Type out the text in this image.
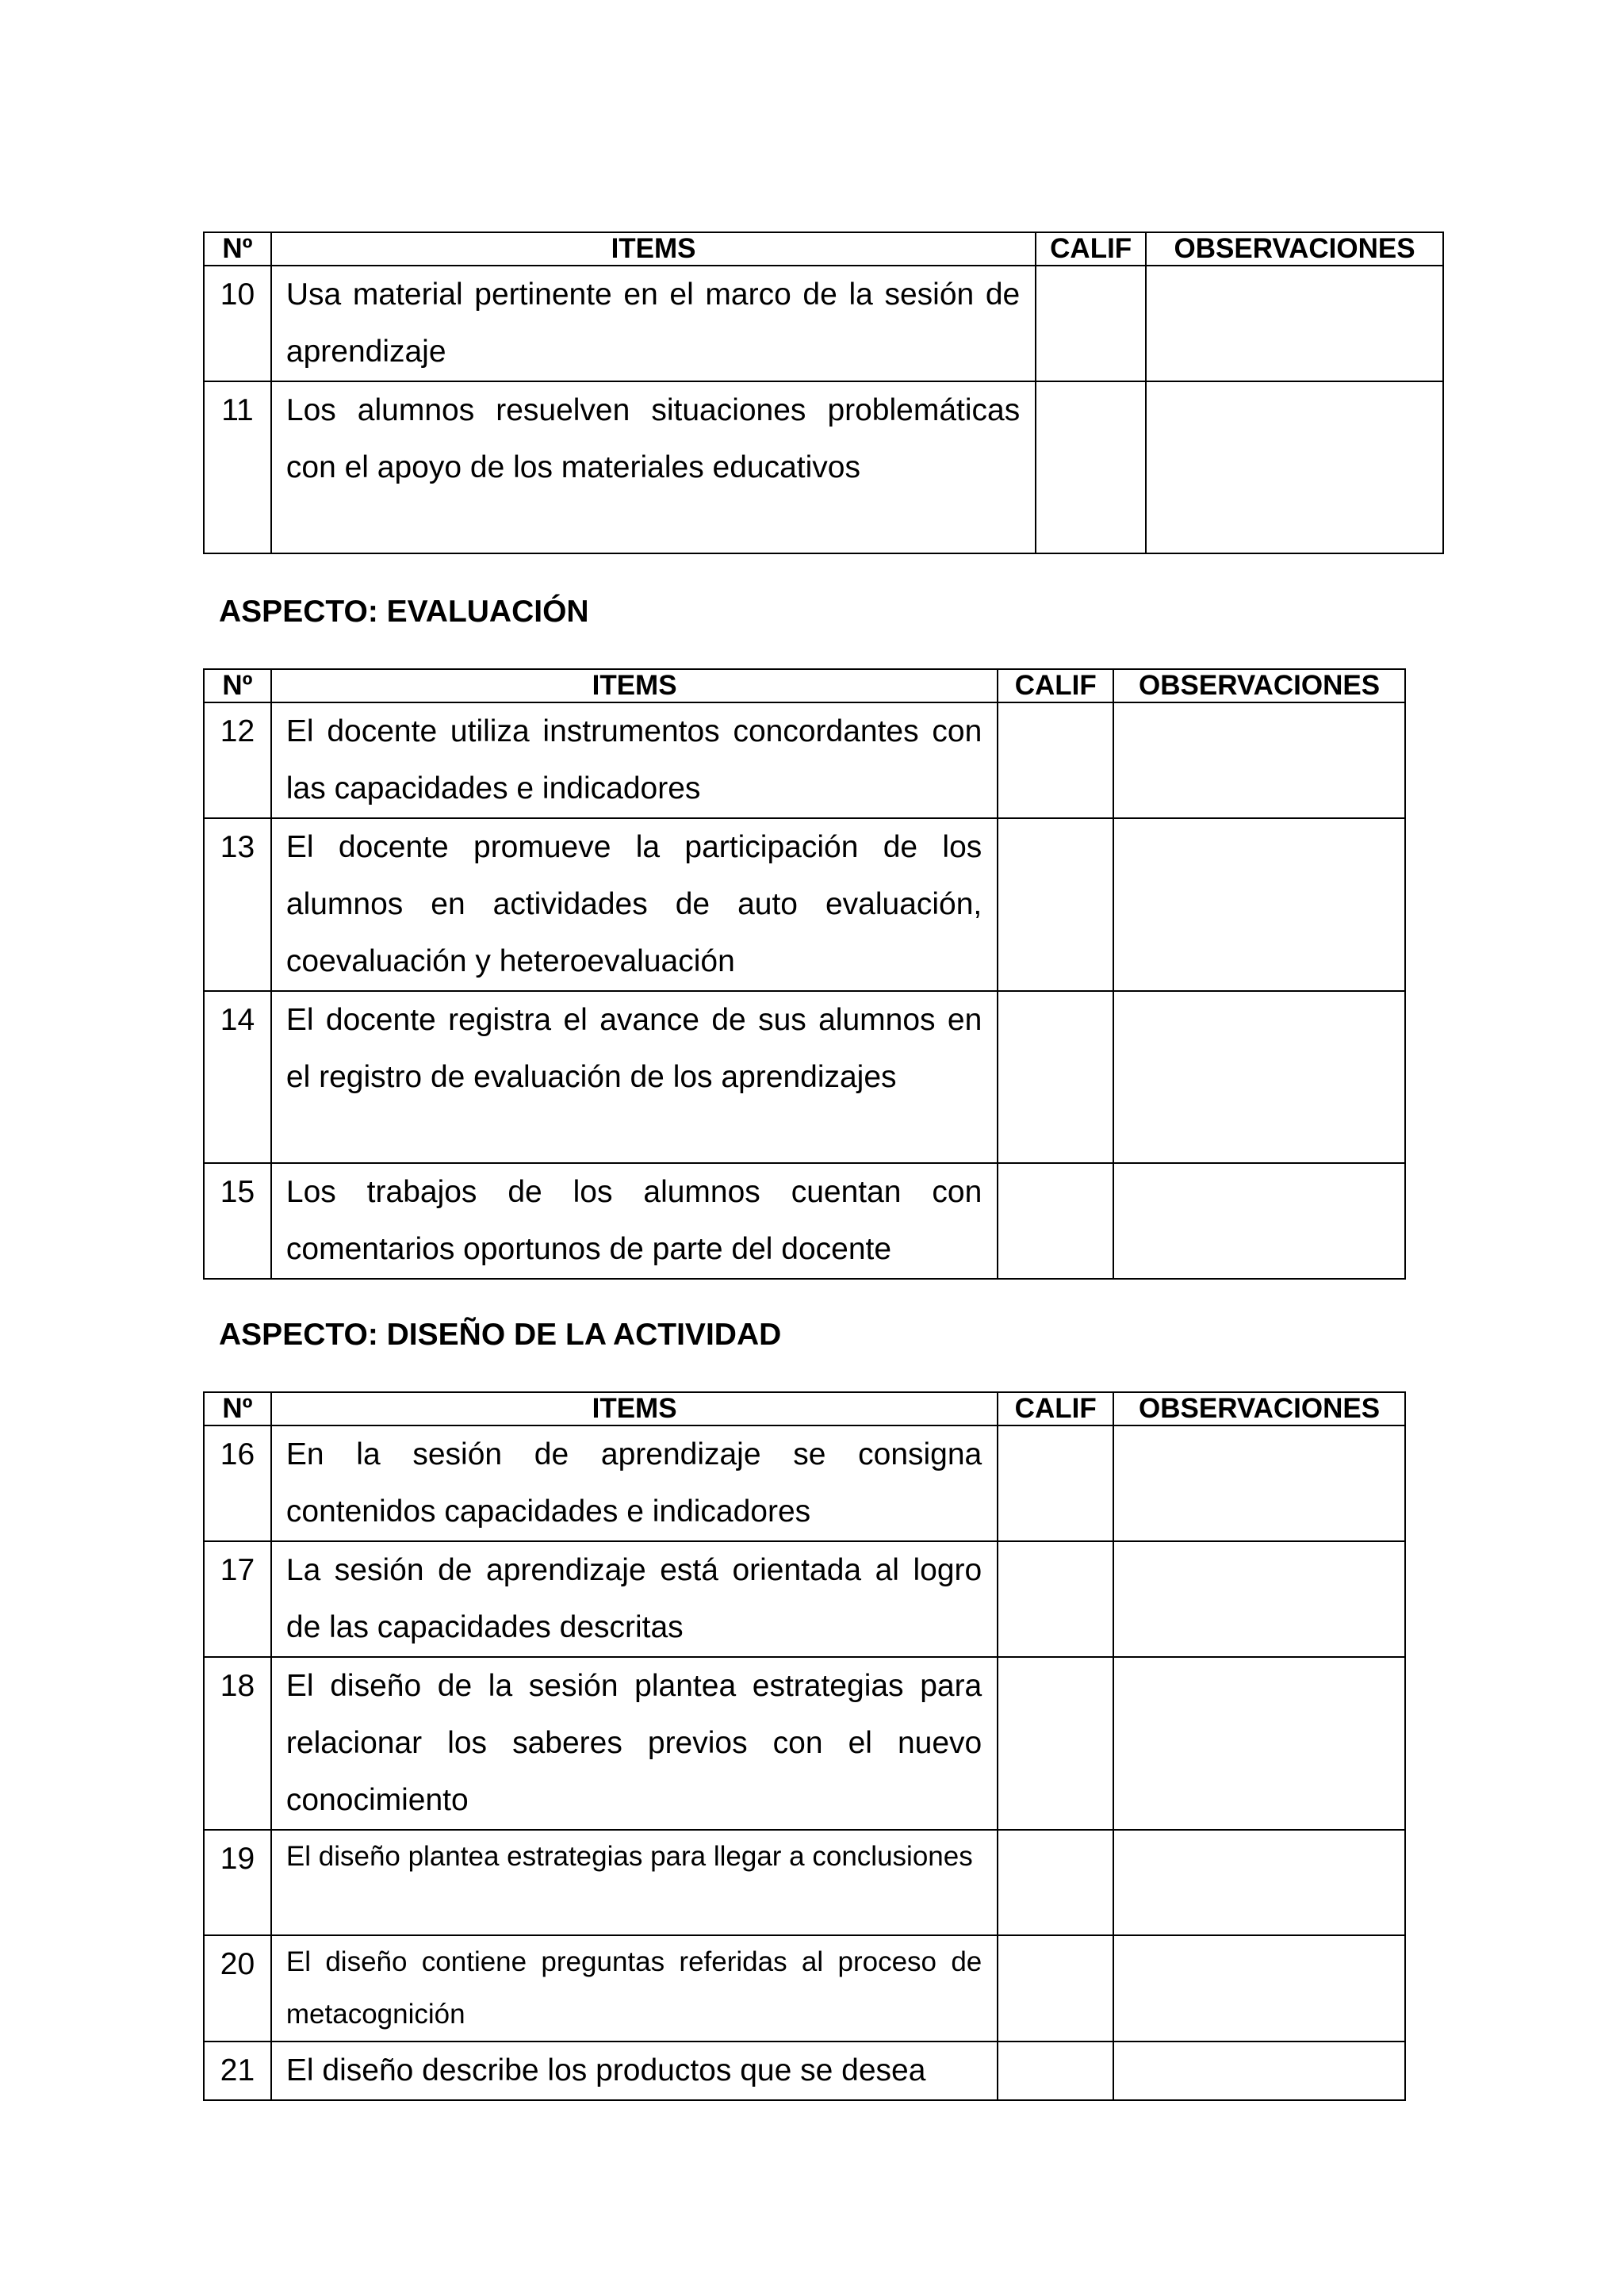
Nº	ITEMS	CALIF	OBSERVACIONES
10	Usa material pertinente en el marco de la sesión de aprendizaje		
11	Los alumnos resuelven situaciones problemáticas con el apoyo de los materiales educativos		
ASPECTO: EVALUACIÓN
Nº	ITEMS	CALIF	OBSERVACIONES
12	El docente utiliza instrumentos concordantes con las capacidades e indicadores		
13	El docente promueve la participación de los alumnos en actividades de auto evaluación, coevaluación y heteroevaluación		
14	El docente registra el avance de sus alumnos en el registro de evaluación de los aprendizajes		
15	Los trabajos de los alumnos cuentan con comentarios oportunos de parte del docente		
ASPECTO: DISEÑO DE LA ACTIVIDAD
Nº	ITEMS	CALIF	OBSERVACIONES
16	En la sesión de aprendizaje se consigna contenidos capacidades e indicadores		
17	La sesión de aprendizaje está orientada al logro de las capacidades descritas		
18	El diseño de la sesión plantea estrategias para relacionar los saberes previos con el nuevo conocimiento		
19	El diseño plantea estrategias para llegar a conclusiones		
20	El diseño contiene preguntas referidas al proceso de metacognición		
21	El diseño describe los productos que se desea		
